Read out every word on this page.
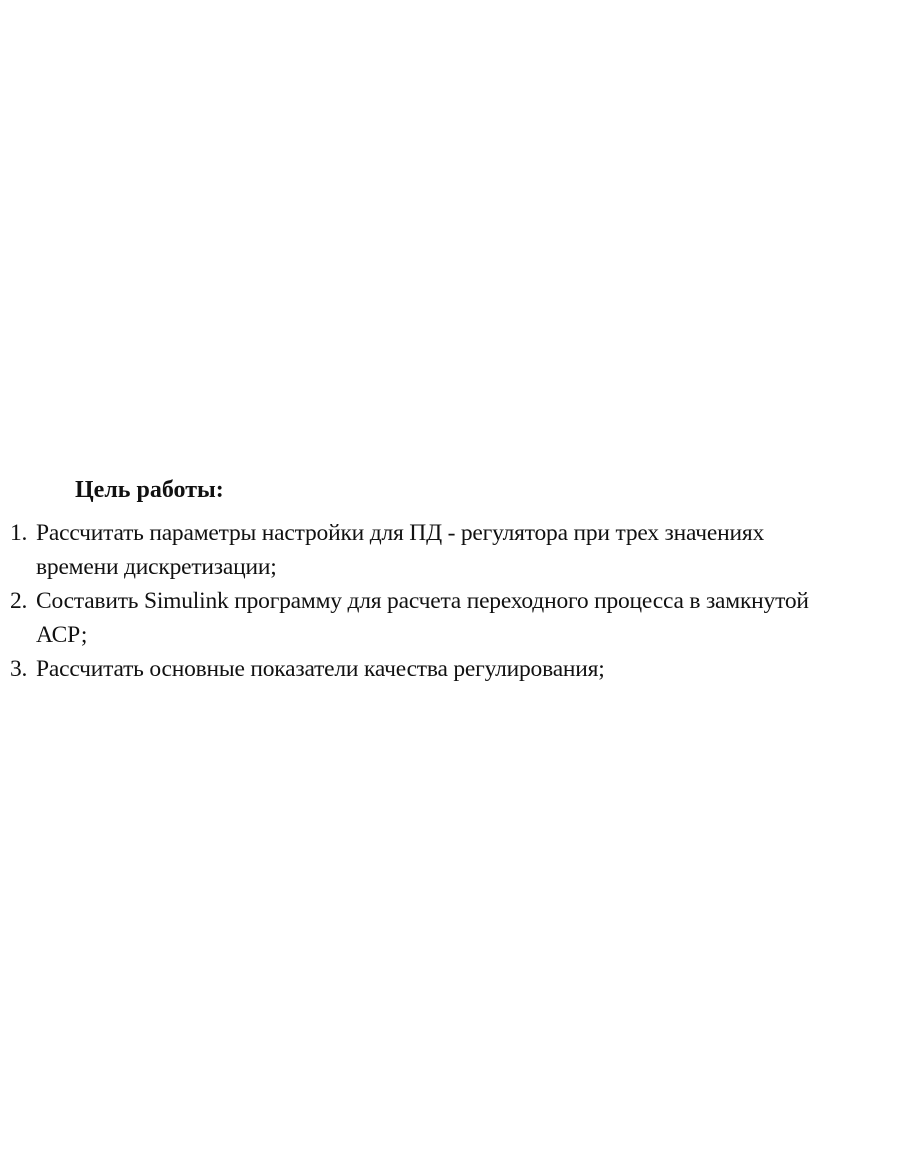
Цель работы:
1. Рассчитать параметры настройки для ПД - регулятора при трех значениях
времени дискретизации;
2. Составить Simulink программу для расчета переходного процесса в замкнутой
АСР;
3. Рассчитать основные показатели качества регулирования;
